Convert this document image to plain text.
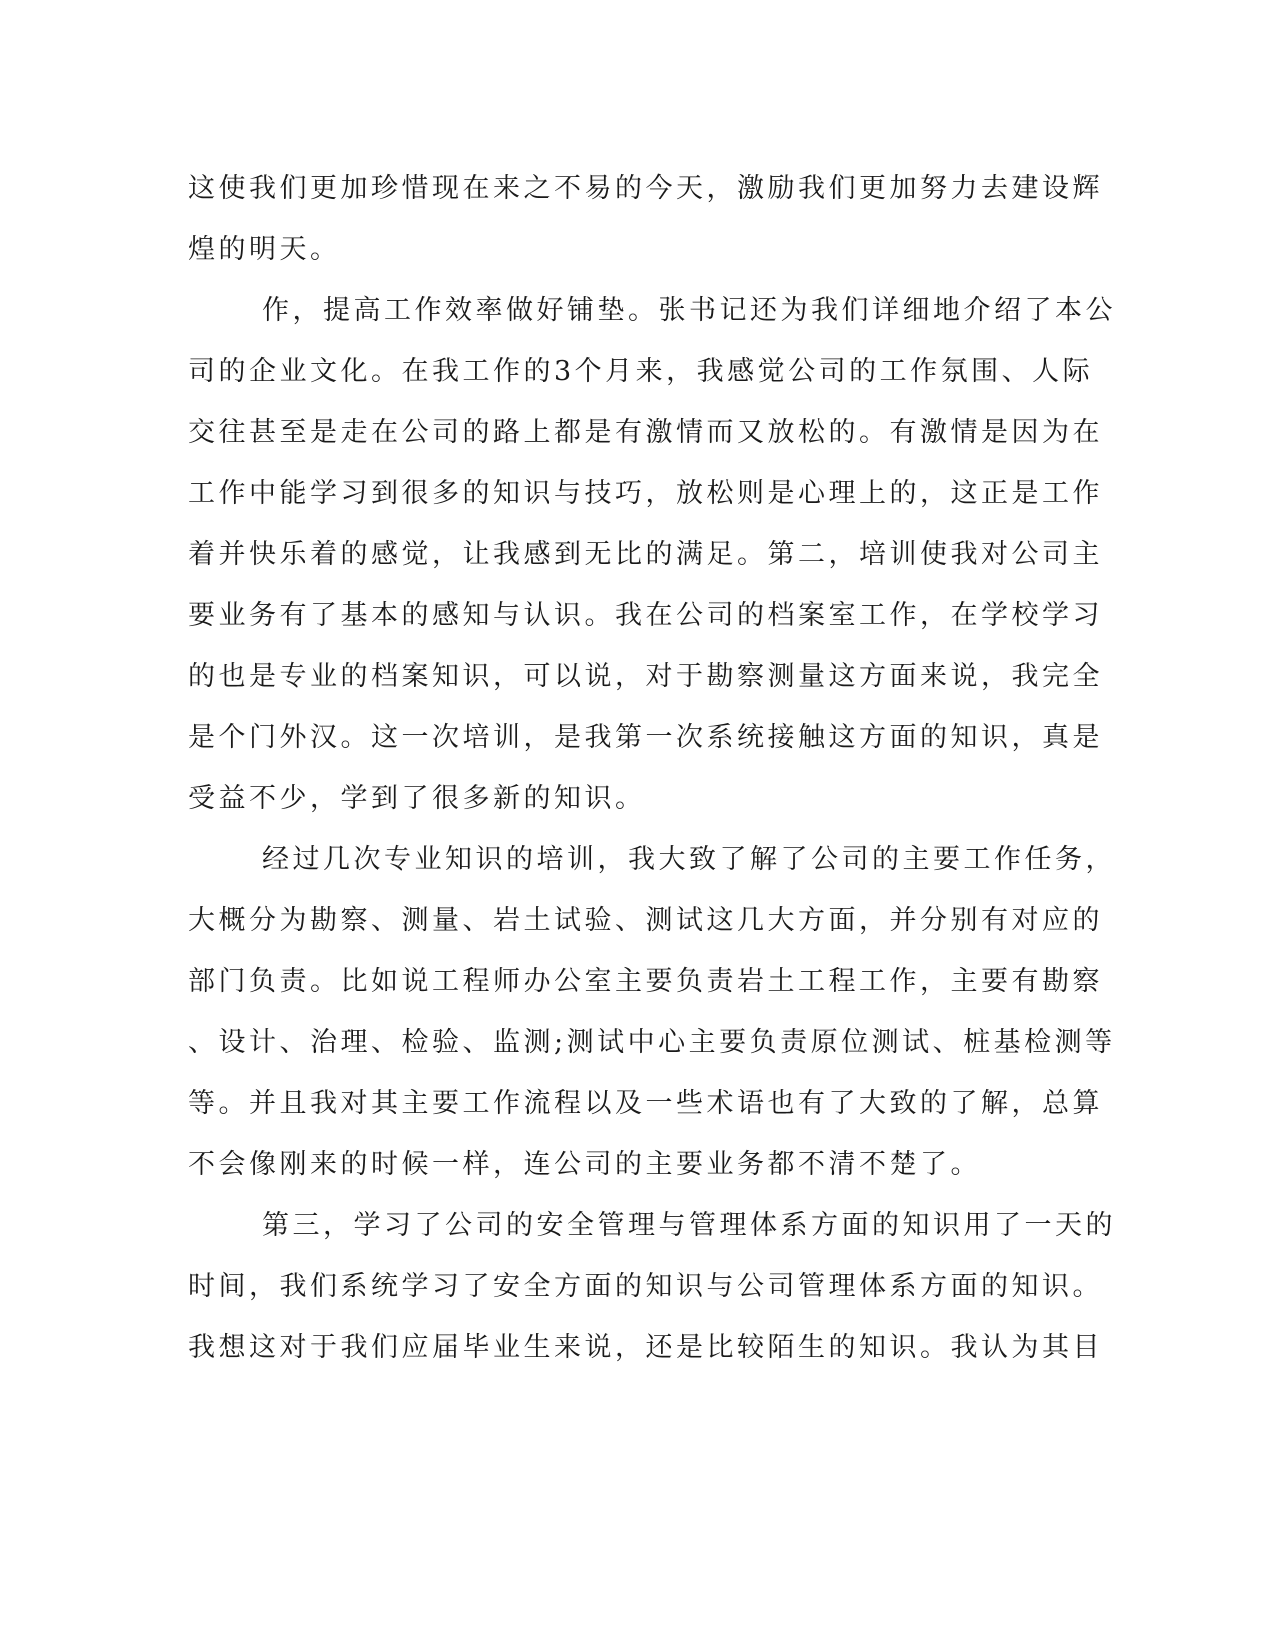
这使我们更加珍惜现在来之不易的今天，激励我们更加努力去建设辉
煌的明天。
作，提高工作效率做好铺垫。张书记还为我们详细地介绍了本公
司的企业文化。在我工作的3个月来，我感觉公司的工作氛围、人际
交往甚至是走在公司的路上都是有激情而又放松的。有激情是因为在
工作中能学习到很多的知识与技巧，放松则是心理上的，这正是工作
着并快乐着的感觉，让我感到无比的满足。第二，培训使我对公司主
要业务有了基本的感知与认识。我在公司的档案室工作，在学校学习
的也是专业的档案知识，可以说，对于勘察测量这方面来说，我完全
是个门外汉。这一次培训，是我第一次系统接触这方面的知识，真是
受益不少，学到了很多新的知识。
经过几次专业知识的培训，我大致了解了公司的主要工作任务，
大概分为勘察、测量、岩土试验、测试这几大方面，并分别有对应的
部门负责。比如说工程师办公室主要负责岩土工程工作，主要有勘察
、设计、治理、检验、监测;测试中心主要负责原位测试、桩基检测等
等。并且我对其主要工作流程以及一些术语也有了大致的了解，总算
不会像刚来的时候一样，连公司的主要业务都不清不楚了。
第三，学习了公司的安全管理与管理体系方面的知识用了一天的
时间，我们系统学习了安全方面的知识与公司管理体系方面的知识。
我想这对于我们应届毕业生来说，还是比较陌生的知识。我认为其目
